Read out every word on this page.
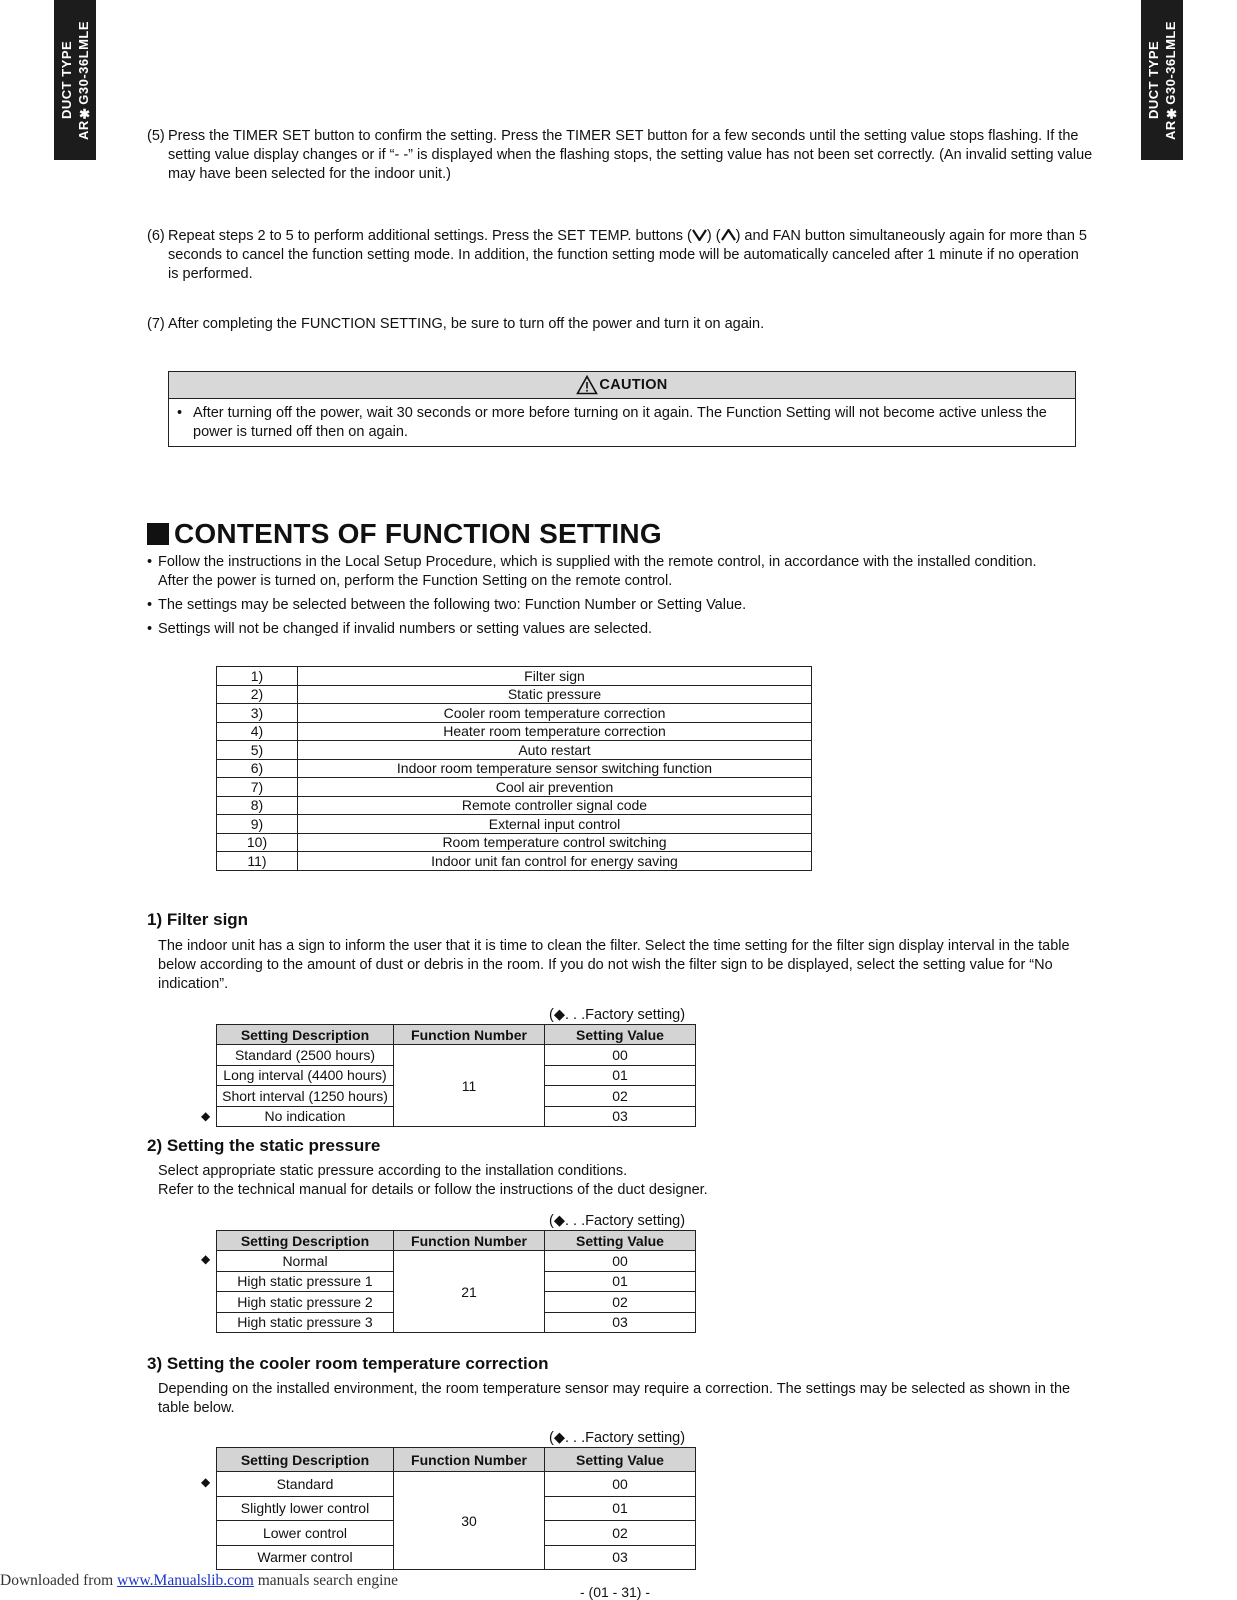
DUCT TYPE AR✱G30-36LMLE	DUCT TYPE AR✱G30-36LMLE
(5) Press the TIMER SET button to confirm the setting. Press the TIMER SET button for a few seconds until the setting value stops flashing. If the setting value display changes or if “- -” is displayed when the flashing stops, the setting value has not been set correctly. (An invalid setting value may have been selected for the indoor unit.)
(6) Repeat steps 2 to 5 to perform additional settings. Press the SET TEMP. buttons ( ) ( ) and FAN button simultaneously again for more than 5 seconds to cancel the function setting mode. In addition, the function setting mode will be automatically canceled after 1 minute if no operation is performed.
(7) After completing the FUNCTION SETTING, be sure to turn off the power and turn it on again.
CAUTION
• After turning off the power, wait 30 seconds or more before turning on it again. The Function Setting will not become active unless the power is turned off then on again.
CONTENTS OF FUNCTION SETTING
• Follow the instructions in the Local Setup Procedure, which is supplied with the remote control, in accordance with the installed condition.
After the power is turned on, perform the Function Setting on the remote control.
• The settings may be selected between the following two: Function Number or Setting Value.
• Settings will not be changed if invalid numbers or setting values are selected.
1)	Filter sign
2)	Static pressure
3)	Cooler room temperature correction
4)	Heater room temperature correction
5)	Auto restart
6)	Indoor room temperature sensor switching function
7)	Cool air prevention
8)	Remote controller signal code
9)	External input control
10)	Room temperature control switching
11)	Indoor unit fan control for energy saving
1) Filter sign
The indoor unit has a sign to inform the user that it is time to clean the filter. Select the time setting for the filter sign display interval in the table below according to the amount of dust or debris in the room. If you do not wish the filter sign to be displayed, select the setting value for “No indication”.
(◆. . .Factory setting)
Setting Description	Function Number	Setting Value
Standard (2500 hours)	11	00
Long interval (4400 hours)		01
Short interval (1250 hours)		02
No indication		03
◆
2) Setting the static pressure
Select appropriate static pressure according to the installation conditions.
Refer to the technical manual for details or follow the instructions of the duct designer.
(◆. . .Factory setting)
Setting Description	Function Number	Setting Value
Normal	21	00
High static pressure 1		01
High static pressure 2		02
High static pressure 3		03
◆
3) Setting the cooler room temperature correction
Depending on the installed environment, the room temperature sensor may require a correction. The settings may be selected as shown in the table below.
(◆. . .Factory setting)
Setting Description	Function Number	Setting Value
Standard	30	00
Slightly lower control		01
Lower control		02
Warmer control		03
◆
Downloaded from www.Manualslib.com manuals search engine
- (01 - 31) -
